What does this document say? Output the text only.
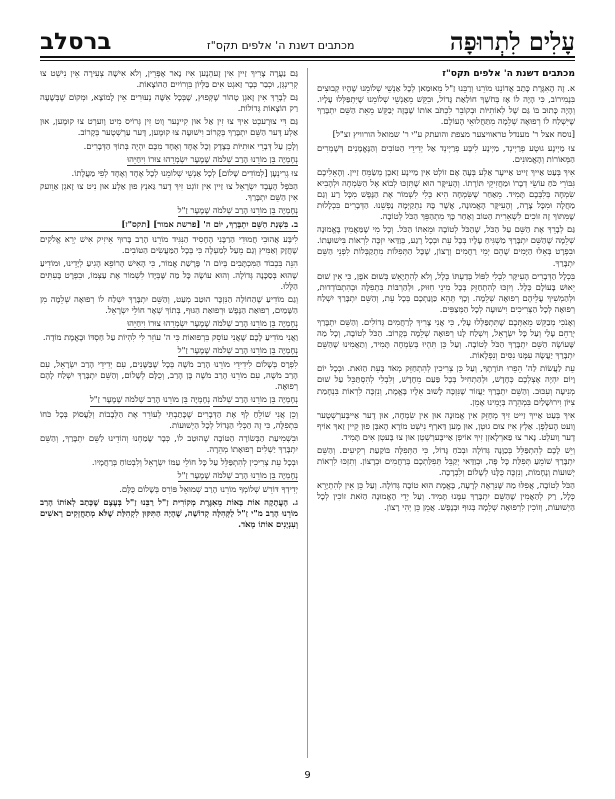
עָלִים לִתְרוּפָה
מכתבים דשנת ה' אלפים תקס"ז
ברסלב

מכתבים דשנת ה' אלפים תקס"ז

א. זֶה הָאִגֶּרֶת כָּתַב אֲדוֹנֵנוּ מוֹרֵנוּ וְרַבֵּנוּ זַ"ל מֵאוּמַאן לְכָל אַנְשֵׁי שְׁלוֹמֵנוּ שֶׁהָיוּ קְבוּצִים בִּנֶמִירוֹב, כִּי הָיָה לוֹ אָז בְּחֹשֶׁךְ חוֹלַאַת גָּדוֹל, וּבִקֵּשׁ מֵאַנְשֵׁי שְׁלוֹמֵנוּ שֶׁיִּתְפַּלְּלוּ עָלָיו. וְהָיָה כָּתוּב בּוֹ גַּם שֶׁל לְאוֹתִיּוֹת וּבְקוֹבֵר לִכְתֹּב אוֹתוֹ שֶׁבָּזֶה יְבַקֵּשׁ מֵאֵת הַשֵּׁם יִתְבָּרַךְ שֶׁיִּשְׁלַח לוֹ רְפוּאָה שְׁלֵמָה מִתַּחֲלוּאֵי הָעוֹלָם.

[נוסח אצל ר' מענדל טראוויצער מצפת והועתק ע"י ר' שמואל הורוויץ זצ"ל]

צוּ מַיְינֶע גוּטֶע פְרַיְינְד, מַיְינֶע לִיבָּע פְרַיְינְד אַל יְדִידֵי הַטּוֹבִים וְהַנֶּאֱמָנִים דְּשָׁמְרִים הַמְּאוֹרוֹת וְהָאֱמוּנִים.

אִיךְ בְּעַט אַייךְ זַייט אַייעֶר אַלְע בְּעֶהַ אָם זוֹלְט אִין מַיינֶע זַאכֶן מְשַׂמֵּחַ זַיין. וְהָאֵלִיכֶם גִּבּוֹרֵי כֹּחַ עוֹשֵׂי דְבָרוֹ וּמַחֲזִיקֵי תּוֹרָתוֹ. וְהָעִיקָּר הוּא שֶׁתִּזְכּוּ לְבוֹא אֶל הַשִּׂמְחָה וּלְהָבִיא שִׂמְחָה בְּלִבְּכֶם תָּמִיד. מֵאַחַר שֶׁשִּׂמְחָה הִיא כְּלִי לִשְׁמוֹר אֶת הַנֶּפֶשׁ מִכָּל רַע וְגַם מַחֲלָה וּמִכָּל צָרָה, וְהָעִיקָּר הָאֱמוּנָה, אֲשֶׁר בָּהּ נִתְקַיְּמָה נַפְשֵׁנוּ. הַדְּבָרִים בִּכְלָלוּת שֶׁמִּתּוֹךְ זֶה זוֹכִים לִשְׁאֵרִית הַטּוֹב וְאַחַר כָּךְ מִתְהַפֵּךְ הַכֹּל לְטוֹבָה.

גַּם לְבָרֵךְ אֶת הַשֵּׁם עַל הַכֹּל, שֶׁהַכֹּל לְטוֹבָה וּמֵאִתּוֹ הַכֹּל. וְכָל מִי שֶׁמַּאֲמִין בֶּאֱמוּנָה שְׁלֵמָה שֶׁהַשֵּׁם יִתְבָּרַךְ מַשְׁגִּיחַ עָלָיו בְּכָל עֵת וּבְכָל רֶגַע, בְּוַדַּאי יִזְכֶּה לִרְאוֹת בִּישׁוּעָתוֹ. וּבִפְרָט בְּאֵלּוּ הַיָּמִים שֶׁהֵם יְמֵי רַחֲמִים וְרָצוֹן, שֶׁכָּל הַתְּפִלּוֹת מִתְקַבְּלוֹת לִפְנֵי הַשֵּׁם יִתְבָּרַךְ.

בִּכְלָל הַדְּבָרִים הָעִיקָּר לִבְלִי לִפּוֹל בְּדַעְתּוֹ כְּלָל, וְלֹא לְהִתְיָאֵשׁ בְּשׁוּם אֹפֶן, כִּי אֵין שׁוּם יֵאוּשׁ בָּעוֹלָם כְּלָל. וְיִזְכּוּ לְהִתְחַזֵּק בְּכָל מִינֵי חִזּוּק, וּלְהַרְבּוֹת בִּתְפִלָּה וּבְהִתְבּוֹדְדוּת, וּלְהַמְשִׁיךְ עֲלֵיהֶם רְפוּאָה שְׁלֵמָה. וְכָךְ תְּהֵא כַּוָּנַתְכֶם בְּכָל עֵת, וְהַשֵּׁם יִתְבָּרַךְ יִשְׁלַח רְפוּאָה לְכָל הַצְּרִיכִים וִישׁוּעָה לְכָל הַמְּצַפִּים.

וְאָנֹכִי מְבַקֵּשׁ מֵאִתְּכֶם שֶׁתִּתְפַּלְּלוּ עָלַי, כִּי אֲנִי צָרִיךְ לְרַחֲמִים גְּדוֹלִים. וְהַשֵּׁם יִתְבָּרַךְ יְרַחֵם עָלַי וְעַל כָּל יִשְׂרָאֵל, וְיִשְׁלַח לָנוּ רְפוּאָה שְׁלֵמָה בְּקָרוֹב. הַכֹּל לְטוֹבָה, וְכָל מַה שֶּׁעוֹשֶׂה הַשֵּׁם יִתְבָּרַךְ הַכֹּל לְטוֹבָה. וְעַל כֵּן תִּהְיוּ בְּשִׂמְחָה תָּמִיד, וְתַאֲמִינוּ שֶׁהַשֵּׁם יִתְבָּרַךְ יַעֲשֶׂה עִמָּנוּ נִסִּים וְנִפְלָאוֹת.

עֵת לַעֲשׂוֹת לַה' הֵפֵרוּ תּוֹרָתֶךָ, וְעַל כֵּן צְרִיכִין לְהִתְחַזֵּק מְאֹד בָּעֵת הַזֹּאת. וּבְכָל יוֹם וָיוֹם יִהְיֶה אֶצְלְכֶם כְּחָדָשׁ, וּלְהַתְחִיל בְּכָל פַּעַם מֵחָדָשׁ, וְלִבְלִי לְהִסְתַּכֵּל עַל שׁוּם מְנִיעָה וְעִכּוּב. וְהַשֵּׁם יִתְבָּרַךְ יַעֲזוֹר שֶׁנִּזְכֶּה לָשׁוּב אֵלָיו בֶּאֱמֶת, וְנִזְכֶּה לִרְאוֹת בִּנְחָמַת צִיּוֹן וִירוּשָׁלַיִם בִּמְהֵרָה בְּיָמֵינוּ אָמֵן.

אִיךְ בְּעַט אַייךְ זַייט זִיךְ מְחַזֵּק אִין אֱמוּנָה אוּן אִין שִׂמְחָה, אוּן דֶער אַייבֶּערְשְׁטֶער וֶועט הֶעלְפְן. אַלְץ אִיז צוּם גוּטְן, אוּן מֶען דַּארְף נִישְׁט מוֹרָא הָאבְּן פוּן קֵיין זַאךְ אוֹיף דֶער וֶועלְט. נָאר צוּ פַארְלָאזְן זִיךְ אוֹיפְן אַייבֶּערְשְׁטְן אוּן צוּ בֶּעטְן אִים תָּמִיד.

וְיֵשׁ לָכֶם לְהִתְפַּלֵּל בְּכַוָּנָה גְּדוֹלָה וּבְכֹחַ גָּדוֹל, כִּי הַתְּפִלָּה בּוֹקַעַת רְקִיעִים. וְהַשֵּׁם יִתְבָּרַךְ שׁוֹמֵעַ תְּפִלַּת כָּל פֶּה, וּבְוַדַּאי יְקַבֵּל תְּפִלַּתְכֶם בְּרַחֲמִים וּבְרָצוֹן. וְתִזְכּוּ לִרְאוֹת יְשׁוּעוֹת וְנֶחָמוֹת, וְנִזְכֶּה כֻּלָּנוּ לְשָׁלוֹם וְלִבְרָכָה.

הַכֹּל לְטוֹבָה, אֲפִלּוּ מַה שֶּׁנִּרְאֶה לְרָעָה, בֶּאֱמֶת הוּא טוֹבָה גְּדוֹלָה. וְעַל כֵּן אֵין לְהִתְיָרֵא כְּלָל, רַק לְהַאֲמִין שֶׁהַשֵּׁם יִתְבָּרַךְ עִמָּנוּ תָּמִיד. וְעַל יְדֵי הָאֱמוּנָה הַזֹּאת זוֹכִין לְכָל הַיְשׁוּעוֹת, וְזוֹכִין לִרְפוּאָה שְׁלֵמָה בְּגוּף וּבְנֶפֶשׁ. אֲמֵן כֵּן יְהִי רָצוֹן.

גַּם נַעֲרָה צָרִיךְ זַיין אִין זֶעהְנֶען אִיז נָאר אָפְּרֵין, וְלֹא אִישָׁה צְעִירָה אֵין נִישְׁט צוּ קְרִינְגְּן, וּכְבַר כְּבָר זַאגְט אִים בַּלְּיוֹן בִּוְרוֹיִים הַהוֹצָאוֹת.

גַּם לְבָרֵךְ אִין זָאגְן טָהוֹר שֶׁקְּפוּץ, שֶׁבְּכָל אִשָּׁה נְעוּרִים אֵין לָמוֹצָא, וּמְקוֹם שֶׁבְּשָׁעָה רַק הוֹצָאוֹת גְּדוֹלוֹת.

גַּם דִּי צוּרֶעכְט אִיךְ צוּ זִין אַל אוּן קִיינֶער וֶוט זִין גְּרוֹיס מִיט וֶוערְט צוּ קוּמֶען, אוּן אַלְע דֶּער הַשֵּׁם יִתְבָּרַךְ בְּקָרוֹב וִישׁוּעָה צוּ קוּמֶען, דֶּער עַרְשְׁטֶער בְּקָרוֹב.

וְלָכֵן עַל דְּבָרֵי אוּתִיּוֹת בְּצֶדֶק וְכָל אֶחָד וְאֶחָד מִכֶּם יִהְיֶה בְּתוֹךְ הַדְּבָרִים.

נְחֶמְיָה בֵּן מוֹרֵנוּ הָרַב שְׁלֹמֹה שֶׁמֶעֶר יִשְׂמְרֵהוּ צוּרוֹ וִיחַיֵּהוּ

צוּ גְרִינְעָן [לְמוֹדִים שָׁלוֹם] לְכָל אַנְשֵׁי שְׁלוֹמֵנוּ לְכָל אֶחָד וְאֶחָד לְפִי מַעֲלָתוֹ.

הַכֹּפֶל הָעֶבֶד יִשְׂרָאֵל צוּ זַיין אִין זוֹגְט זִיךְ דֶער גַּאנְץ פוּן אַלְע אוּן נִיט צוּ זָאגְן אַוֵועק אִין הַשֵּׁם יִתְבָּרַךְ.

נְחֶמְיָה בֵּן מוֹרֵנוּ הָרַב שְׁלֹמֹה שֶׁמֶעֶר זַ"ל

ב. בִּשְׁנַת הַשֵּׁם יִתְבָּרַךְ, יוֹם ה' [פרשת אמור] [תקס"ז]

לִיבֶּע אֲהוּבִי חֲמוּדִי הַרַבָּנִי הֶחָסִיד הַנִּגִּיד מוֹרֵנוּ הָרַב בָּרוּךְ אֵיזִיק אִישׁ יְרֵא אֱלֹקִים שֶׁחֲזָק וְאַמִּיץ וְגַם מֵעַל לְמַעְלָה כִּי בְּכָל הַמַּעֲשִׂים הַטּוֹבִים.

הִנֵּה בִּכְבוֹד הַמִּכְתָּבִים בְּיוֹם ה' פָּרָשַׁת אֱמוֹר, כִּי הָאִישׁ הָרוֹפֵא הָגִיעַ לְיָדֵינוּ, וּמוֹדִיעַ שֶׁהוּא בְּסַכָּנָה גְּדוֹלָה. וְהוּא עוֹשֶׂה כָּל מַה שֶּׁבְּיָדוֹ לִשְׁמוֹר אֶת עַצְמוֹ, וּבִפְרָט בָּעִתִּים הַלָּלוּ.

וְגַם מוֹדִיעַ שֶׁהַחוֹלֶה הַנִּזְכָּר הוּטַב מְעַט, וְהַשֵּׁם יִתְבָּרַךְ יִשְׁלַח לוֹ רְפוּאָה שְׁלֵמָה מִן הַשָּׁמַיִם, רְפוּאַת הַנֶּפֶשׁ וּרְפוּאַת הַגּוּף, בְּתוֹךְ שְׁאָר חוֹלֵי יִשְׂרָאֵל.

נְחֶמְיָה בֵּן מוֹרֵנוּ הָרַב שְׁלֹמֹה שֶׁמֶעֶר יִשְׂמְרֵהוּ צוּרוֹ וִיחַיֵּהוּ

וַאֲנִי מוֹדִיעַ לָכֶם שֶׁאֲנִי עוֹסֵק בִּרְפוּאוֹת כִּי ה' עוֹזֵר לִי לִהְיוֹת עַל חַסְדּוֹ וּבֶאֱמֶת מוֹדֶה.

נְחֶמְיָה בֵּן מוֹרֵנוּ הָרַב שְׁלֹמֹה שֶׁמֶעֶר זַ"ל

לִפְרָס בְּשָׁלוֹם לִידִידֵי מוֹרֵנוּ הָרַב מֹשֶׁה בְּכָל שֶׁבַּשָּׁנִים, עִם יְדִידֵי הָרַב יִשְׂרָאֵל, עִם הָרַב מֹשֶׁה, עִם מוֹרֵנוּ הָרַב מֹשֶׁה בֶּן הָרַב, וְכֻלָּם לְשָׁלוֹם, וְהַשֵּׁם יִתְבָּרַךְ יִשְׁלַח לָהֶם רְפוּאָה.

נְחֶמְיָה בֵּן מוֹרֵנוּ הָרַב שְׁלֹמֹה נְחֶמְיָה בֵּן מוֹרֵנוּ הָרַב שְׁלֹמֹה שֶׁמֶעֶר זַ"ל

וְכֵן אֲנִי שׁוֹלֵחַ לְךָ אֶת הַדְּבָרִים שֶׁכָּתַבְתִּי לְעוֹרֵר אֶת הַלְּבָבוֹת וְלַעֲסוֹק בְּכָל כֹּחוֹ בִּתְפִלָּה, כִּי זֶה הַכְּלִי הַגָּדוֹל לְכָל הַיְשׁוּעוֹת.

וּבִשְׁמִיעַת הַבְּשׂוֹרָה הַטּוֹבָה שֶׁהוּטַב לוֹ, כְּבָר שָׂמַחְנוּ וְהוֹדֵינוּ לַשֵּׁם יִתְבָּרַךְ, וְהַשֵּׁם יִתְבָּרַךְ יַשְׁלִים רְפוּאָתוֹ מְהֵרָה.

וּבְכָל עֵת צְרִיכִין לְהִתְפַּלֵּל עַל כָּל חוֹלֵי עַמּוֹ יִשְׂרָאֵל וְלִבְטוֹחַ בְּרַחֲמָיו.

נְחֶמְיָה בֵּן מוֹרֵנוּ הָרַב שְׁלֹמֹה שֶׁמֶעֶר זַ"ל

יְדִידְךָ דּוֹרֵשׁ שְׁלוֹמְךָ מוֹרֵנוּ הָרַב שְׁמוּאֵל פּוֹרֵס בְּשָׁלוֹם כֻּלָּם.

ג. הָעֲתָקָה אוֹת בְּאוֹת מֵאִגֶּרֶת מְקוֹרִית זַ"ל רַבֵּנוּ זַ"ל בְּעֶצֶם שֶׁכָּתַב לְאוֹתוֹ הָרַב מוֹרֵנוּ הָרַב מ"י זַ"ל לַקְּהִלָּה קְדוֹשָׁה, שֶׁהָיָה הַתִּקּוּן לִקְהִלַּת שֶׁלֹּא מְתַחֲזְקִים רָאשִׁים וְעִנְיָנִים אוֹתוֹ מְאֹד.

9
